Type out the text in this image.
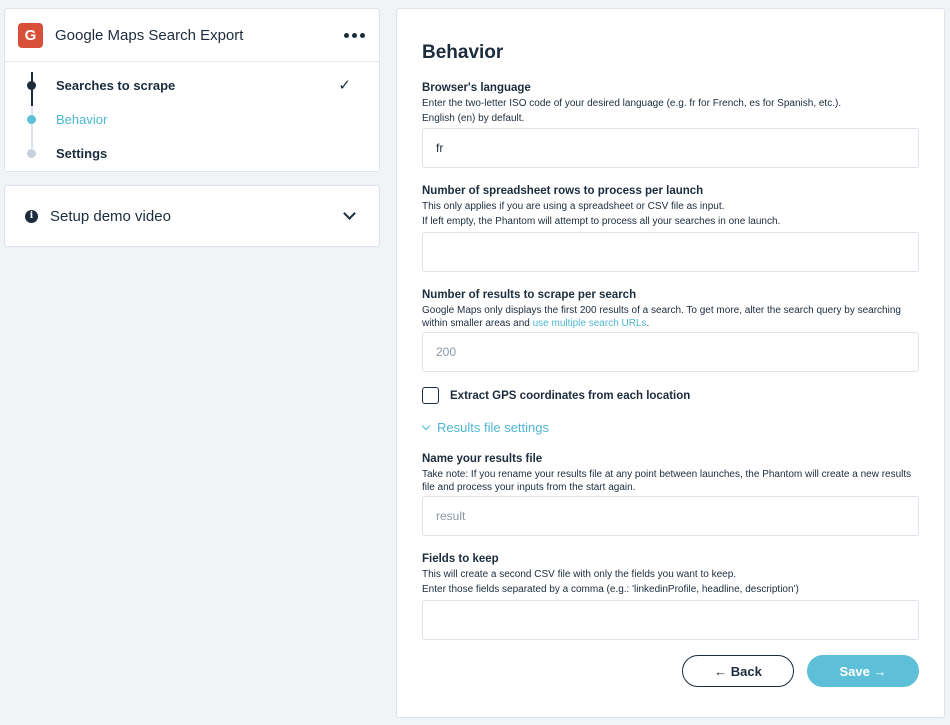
G	Google Maps Search Export
Searches to scrape	✓
Behavior
Settings
i	Setup demo video
Behavior
Browser's language
Enter the two-letter ISO code of your desired language (e.g. fr for French, es for Spanish, etc.).
English (en) by default.
fr
Number of spreadsheet rows to process per launch
This only applies if you are using a spreadsheet or CSV file as input.
If left empty, the Phantom will attempt to process all your searches in one launch.
Number of results to scrape per search
Google Maps only displays the first 200 results of a search. To get more, alter the search query by searching
within smaller areas and use multiple search URLs.
200
Extract GPS coordinates from each location
Results file settings
Name your results file
Take note: If you rename your results file at any point between launches, the Phantom will create a new results
file and process your inputs from the start again.
result
Fields to keep
This will create a second CSV file with only the fields you want to keep.
Enter those fields separated by a comma (e.g.: 'linkedinProfile, headline, description')
← Back	Save →
